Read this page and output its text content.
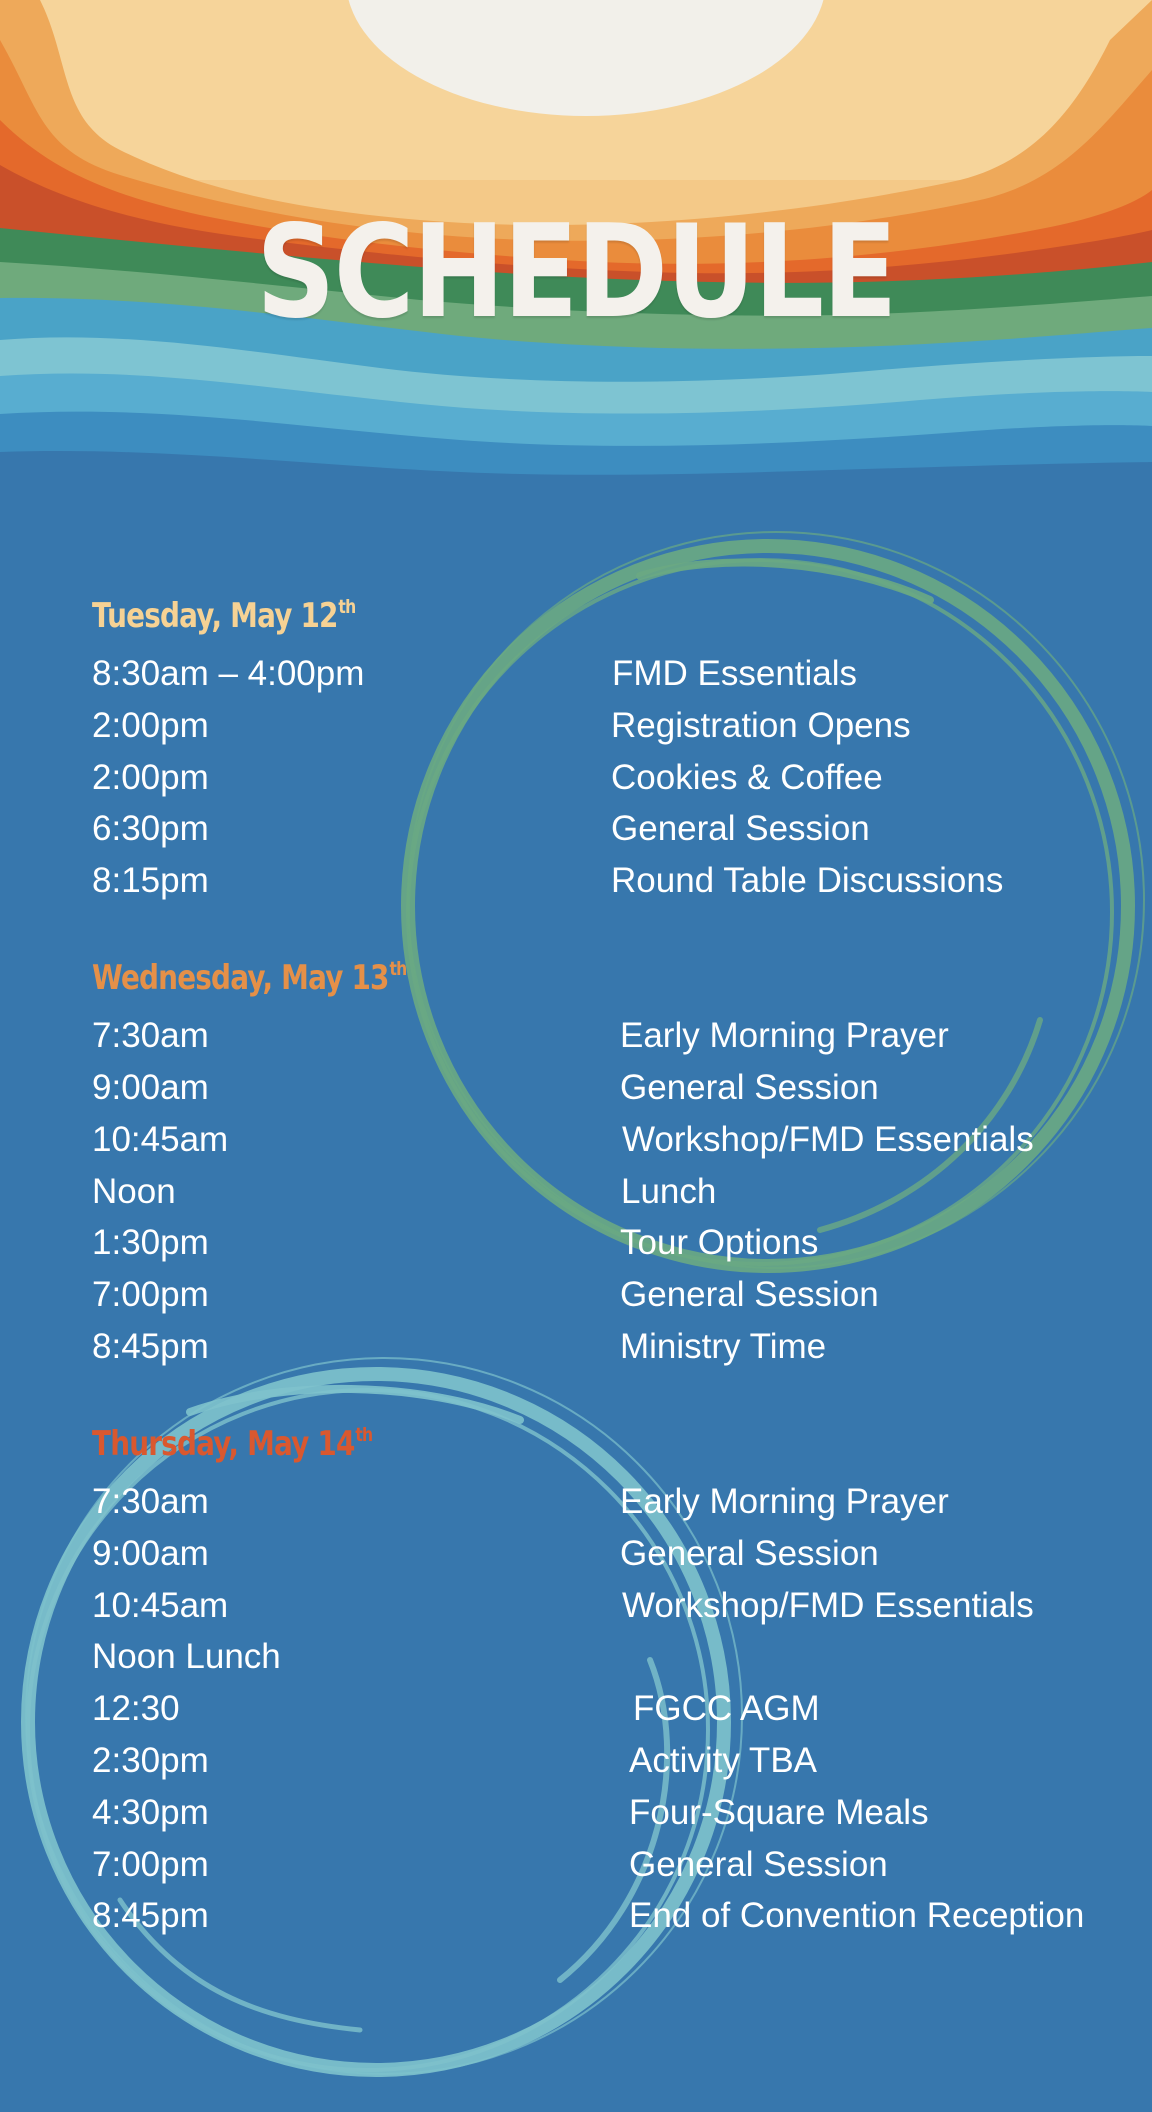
SCHEDULE
Tuesday, May 12th
8:30am – 4:00pm	FMD Essentials
2:00pm	Registration Opens
2:00pm	Cookies & Coffee
6:30pm	General Session
8:15pm	Round Table Discussions
Wednesday, May 13th
7:30am	Early Morning Prayer
9:00am	General Session
10:45am	Workshop/FMD Essentials
Noon	Lunch
1:30pm	Tour Options
7:00pm	General Session
8:45pm	Ministry Time
Thursday, May 14th
7:30am	Early Morning Prayer
9:00am	General Session
10:45am	Workshop/FMD Essentials
Noon Lunch
12:30	FGCC AGM
2:30pm	Activity TBA
4:30pm	Four-Square Meals
7:00pm	General Session
8:45pm	End of Convention Reception
